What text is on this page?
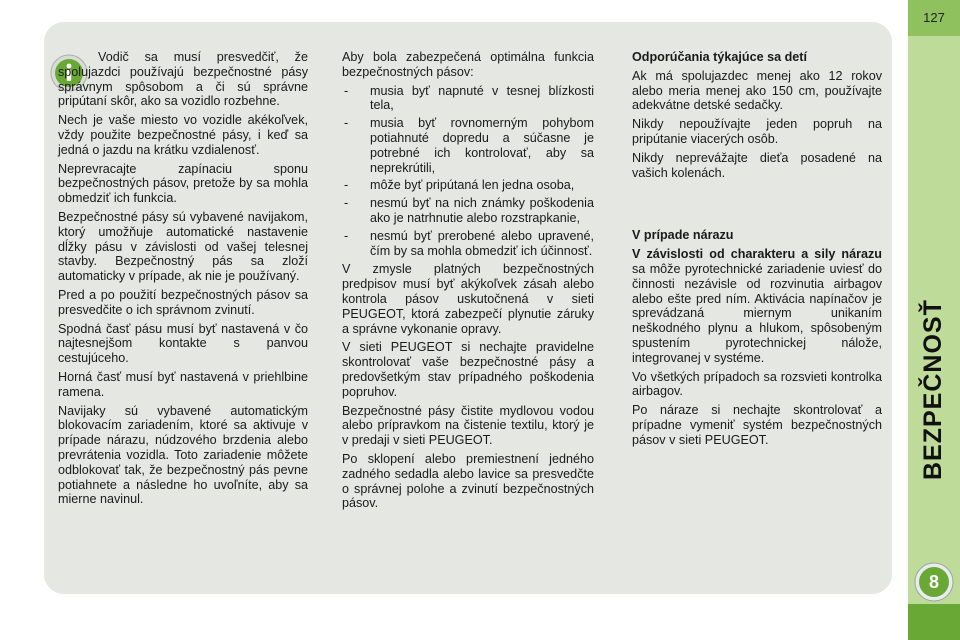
Vodič sa musí presvedčiť, že spolujazdci používajú bezpečnostné pásy správnym spôsobom a či sú správne pripútaní skôr, ako sa vozidlo rozbehne.

Nech je vaše miesto vo vozidle akékoľvek, vždy použite bezpečnostné pásy, i keď sa jedná o jazdu na krátku vzdialenosť.

Neprevracajte zapínaciu sponu bezpečnostných pásov, pretože by sa mohla obmedziť ich funkcia.

Bezpečnostné pásy sú vybavené navijakom, ktorý umožňuje automatické nastavenie dĺžky pásu v závislosti od vašej telesnej stavby. Bezpečnostný pás sa zloží automaticky v prípade, ak nie je používaný.

Pred a po použití bezpečnostných pásov sa presvedčite o ich správnom zvinutí.

Spodná časť pásu musí byť nastavená v čo najtesnejšom kontakte s panvou cestujúceho.

Horná časť musí byť nastavená v priehlbine ramena.

Navijaky sú vybavené automatickým blokovacím zariadením, ktoré sa aktivuje v prípade nárazu, núdzového brzdenia alebo prevrátenia vozidla. Toto zariadenie môžete odblokovať tak, že bezpečnostný pás pevne potiahnete a následne ho uvoľníte, aby sa mierne navinul.

Aby bola zabezpečená optimálna funkcia bezpečnostných pásov:

- musia byť napnuté v tesnej blízkosti tela,
- musia byť rovnomerným pohybom potiahnuté dopredu a súčasne je potrebné ich kontrolovať, aby sa neprekrútili,
- môže byť pripútaná len jedna osoba,
- nesmú byť na nich známky poškodenia ako je natrhnutie alebo rozstrapkanie,
- nesmú byť prerobené alebo upravené, čím by sa mohla obmedziť ich účinnosť.

V zmysle platných bezpečnostných predpisov musí byť akýkoľvek zásah alebo kontrola pásov uskutočnená v sieti PEUGEOT, ktorá zabezpečí plynutie záruky a správne vykonanie opravy.

V sieti PEUGEOT si nechajte pravidelne skontrolovať vaše bezpečnostné pásy a predovšetkým stav prípadného poškodenia popruhov.

Bezpečnostné pásy čistite mydlovou vodou alebo prípravkom na čistenie textilu, ktorý je v predaji v sieti PEUGEOT.

Po sklopení alebo premiestnení jedného zadného sedadla alebo lavice sa presvedčte o správnej polohe a zvinutí bezpečnostných pásov.

Odporúčania týkajúce sa detí

Ak má spolujazdec menej ako 12 rokov alebo meria menej ako 150 cm, používajte adekvátne detské sedačky.

Nikdy nepoužívajte jeden popruh na pripútanie viacerých osôb.

Nikdy neprevážajte dieťa posadené na vašich kolenách.

V prípade nárazu

V závislosti od charakteru a sily nárazu sa môže pyrotechnické zariadenie uviesť do činnosti nezávisle od rozvinutia airbagov alebo ešte pred ním. Aktivácia napínačov je sprevádzaná miernym unikaním neškodného plynu a hlukom, spôsobeným spustením pyrotechnickej nálože, integrovanej v systéme.

Vo všetkých prípadoch sa rozsvieti kontrolka airbagov.

Po náraze si nechajte skontrolovať a prípadne vymeniť systém bezpečnostných pásov v sieti PEUGEOT.

127
BEZPEČNOSŤ
8
